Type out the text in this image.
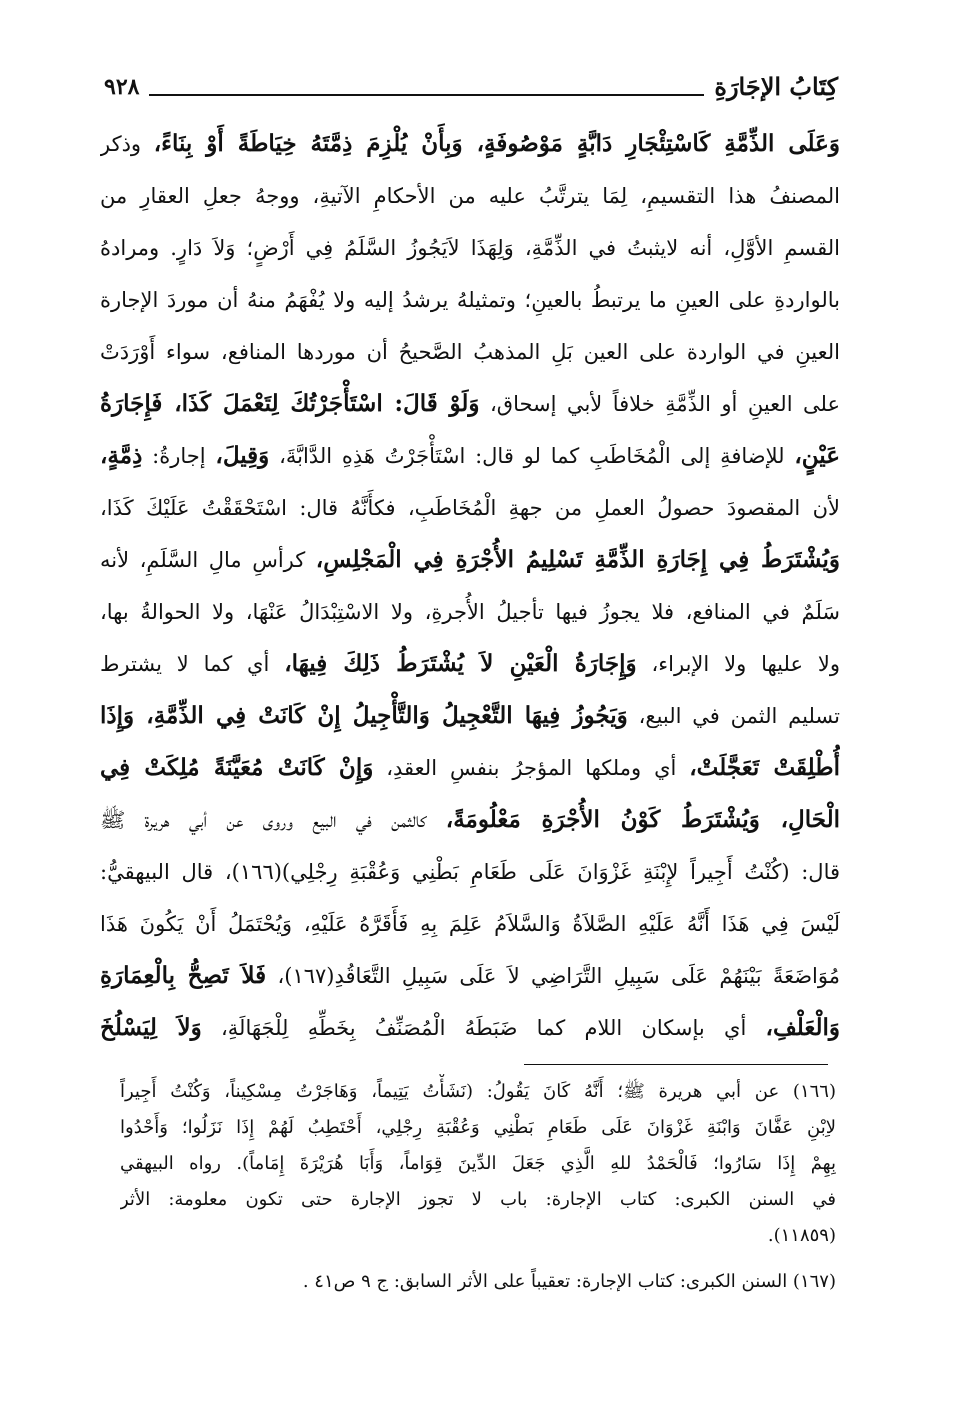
كِتَابُ الإجَارَةِ
٩٢٨
وَعَلَى الذِّمَّةِ كَاسْتِئْجَارِ دَابَّةٍ مَوْصُوفَةٍ، وَبِأَنْ يُلْزِمَ ذِمَّتَهُ خِيَاطَةً أَوْ بِنَاءً، وذكر
المصنفُ هذا التقسيمِ، لِمَا يترتَّبُ عليه من الأحكامِ الآتيةِ، ووجهُ جعلِ العقارِ من
القسمِ الأوَّلِ، أنه لايثبتُ في الذِّمَّةِ، وَلِهَذَا لاَيَجُوزُ السَّلَمُ فِي أَرْضٍ؛ وَلاَ دَارٍ. ومرادهُ
بالواردةِ على العينِ ما يرتبطُ بالعينِ؛ وتمثيلهُ يرشدُ إليه ولا يُفْهَمُ منهُ أن موردَ الإجارة
العينِ في الواردة على العين بَلِ المذهبُ الصَّحيحُ أن موردها المنافع، سواء أَوْرَدَتْ
على العينِ أو الذِّمَّةِ خلافاً لأبي إسحاق، وَلَوْ قَالَ: اسْتَأْجَرْتُكَ لِتَعْمَلَ كَذَا، فَإِجَارَةُ
عَيْنٍ، للإضافةِ إلى الْمُخَاطَبِ كما لو قال: اسْتَأْجَرْتُ هَذِهِ الدَّابَّةَ، وَقِيلَ، إجارةُ: ذِمَّةٍ،
لأن المقصودَ حصولُ العملِ من جهةِ الْمُخَاطَبِ، فكأَنَّهُ قال: اسْتَحْقَقْتُ عَلَيْكَ كَذَا،
وَيُشْتَرَطُ فِي إِجَارَةِ الذِّمَّةِ تَسْلِيمُ الأُجْرَةِ فِي الْمَجْلِسِ، كرأسِ مالِ السَّلَمِ، لأنه
سَلَمٌ في المنافع، فلا يجوزُ فيها تأجيلُ الأُجرةِ، ولا الاسْتِبْدَالُ عَنْهَا، ولا الحوالةُ بها،
ولا عليها ولا الإبراء، وَإِجَارَةُ الْعَيْنِ لاَ يُشْتَرَطُ ذَلِكَ فِيهَا، أي كما لا يشترط
تسليم الثمن في البيع، وَيَجُوزُ فِيهَا التَّعْجِيلُ وَالتَّأْجِيلُ إِنْ كَانَتْ فِي الذِّمَّةِ، وَإِذَا
أُطْلِقَتْ تَعَجَّلَتْ، أي وملكها المؤجرُ بنفسِ العقدِ، وَإِنْ كَانَتْ مُعَيَّنَةً مُلِكَتْ فِي
الْحَالِ، وَيُشْتَرَطُ كَوْنُ الأُجْرَةِ مَعْلُومَةً، كالثمن في البيع وروى عن أبي هريرة ﷺ
قال: (كُنْتُ أَجِيراً لإِبْنَةِ غَزْوَانَ عَلَى طَعَامِ بَطْنِي وَعُقْبَةِ رِجْلِي)(١٦٦)، قال البيهقيُّ:
لَيْسَ فِي هَذَا أَنَّهُ عَلَيْهِ الصَّلاَةُ وَالسَّلاَمُ عَلِمَ بِهِ فَأَقَرَّهُ عَلَيْهِ، وَيُحْتَمَلُ أَنْ يَكُونَ هَذَا
مُوَاضَعَةً بَيْنَهُمْ عَلَى سَبِيلِ التَّرَاضِي لاَ عَلَى سَبِيلِ التَّعَاقُدِ(١٦٧)، فَلاَ تَصِحُّ بِالْعِمَارَةِ
وَالْعَلْفِ، أي بإسكان اللام كما ضَبَطَهُ الْمُصَنِّفُ بِخَطِّهِ لِلْجَهَالَةِ، وَلاَ لِيَسْلُخَ
(١٦٦) عن أبي هريرة ﷺ؛ أَنَّهُ كَانَ يَقُولُ: (نَشَأْتُ يَتِيماً، وَهَاجَرْتُ مِسْكِيناً، وَكُنْتُ أَجِيراً
لاِبْنِ عَفَّانَ وَابْنَةِ غَزْوَانَ عَلَى طَعَامِ بَطْنِي وَعُقْبَةِ رِجْلِي، أَحْتَطِبُ لَهُمْ إِذَا نَزَلُوا؛ وَأَحْدُوا
بِهِمْ إِذَا سَارُوا؛ فَالْحَمْدُ للهِ الَّذِي جَعَلَ الدِّينَ قِوَاماً، وَأَبَا هُرَيْرَةَ إِمَاماً). رواه البيهقي
في السنن الكبرى: كتاب الإجارة: باب لا تجوز الإجارة حتى تكون معلومة: الأثر
(١١٨٥٩).
(١٦٧) السنن الكبرى: كتاب الإجارة: تعقيباً على الأثر السابق: ج ٩ ص٤١ .
